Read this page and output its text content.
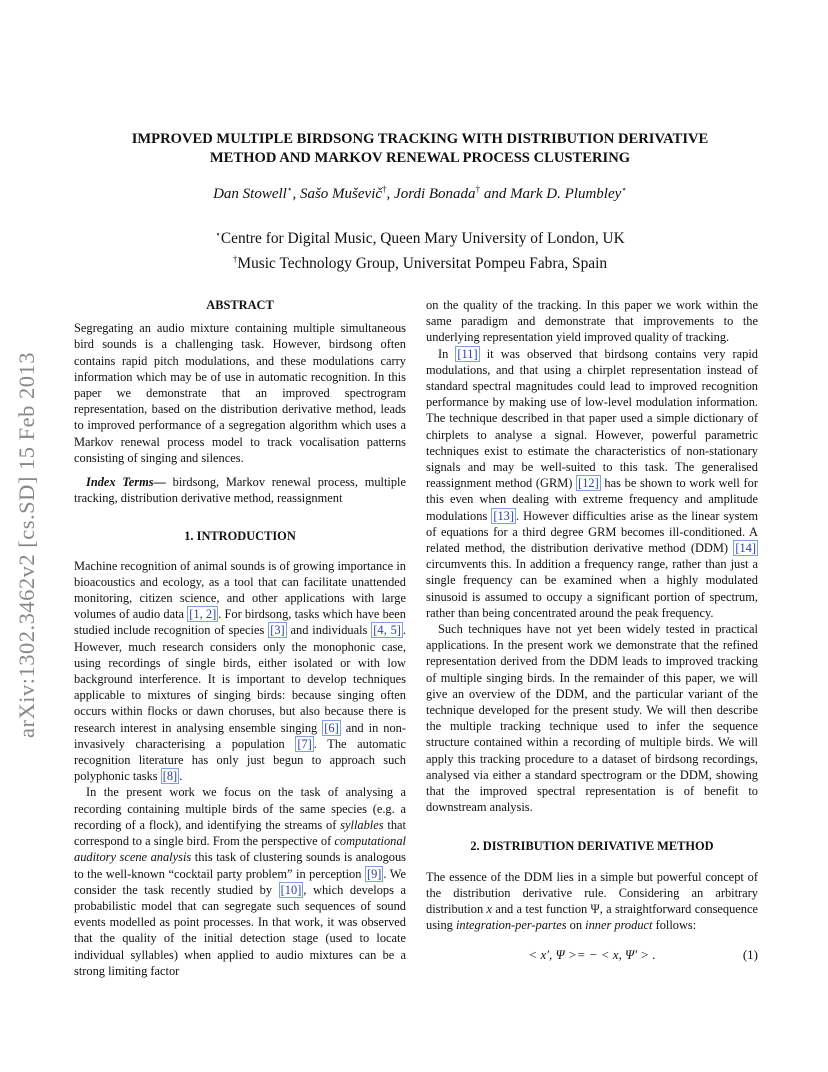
arXiv:1302.3462v2 [cs.SD] 15 Feb 2013
IMPROVED MULTIPLE BIRDSONG TRACKING WITH DISTRIBUTION DERIVATIVE
METHOD AND MARKOV RENEWAL PROCESS CLUSTERING
Dan Stowell⋆, Sašo Muševič†, Jordi Bonada† and Mark D. Plumbley⋆
⋆Centre for Digital Music, Queen Mary University of London, UK
†Music Technology Group, Universitat Pompeu Fabra, Spain
ABSTRACT

Segregating an audio mixture containing multiple simultaneous bird sounds is a challenging task. However, birdsong often contains rapid pitch modulations, and these modulations carry information which may be of use in automatic recognition. In this paper we demonstrate that an improved spectrogram representation, based on the distribution derivative method, leads to improved performance of a segregation algorithm which uses a Markov renewal process model to track vocalisation patterns consisting of singing and silences.

Index Terms— birdsong, Markov renewal process, multiple tracking, distribution derivative method, reassignment

1. INTRODUCTION

Machine recognition of animal sounds is of growing importance in bioacoustics and ecology, as a tool that can facilitate unattended monitoring, citizen science, and other applications with large volumes of audio data [1, 2] . For birdsong, tasks which have been studied include recognition of species [3] and individuals [4, 5] . However, much research considers only the monophonic case, using recordings of single birds, either isolated or with low background interference. It is important to develop techniques applicable to mixtures of singing birds: because singing often occurs within flocks or dawn choruses, but also because there is research interest in analysing ensemble singing [6] and in non-invasively characterising a population [7] . The automatic recognition literature has only just begun to approach such polyphonic tasks [8] .

In the present work we focus on the task of analysing a recording containing multiple birds of the same species (e.g. a recording of a flock), and identifying the streams of syllables that correspond to a single bird. From the perspective of computational auditory scene analysis this task of clustering sounds is analogous to the well-known “cocktail party problem” in perception [9] . We consider the task recently studied by [10] , which develops a probabilistic model that can segregate such sequences of sound events modelled as point processes. In that work, it was observed that the quality of the initial detection stage (used to locate individual syllables) when applied to audio mixtures can be a strong limiting factor

on the quality of the tracking. In this paper we work within the same paradigm and demonstrate that improvements to the underlying representation yield improved quality of tracking.

In [11] it was observed that birdsong contains very rapid modulations, and that using a chirplet representation instead of standard spectral magnitudes could lead to improved recognition performance by making use of low-level modulation information. The technique described in that paper used a simple dictionary of chirplets to analyse a signal. However, powerful parametric techniques exist to estimate the characteristics of non-stationary signals and may be well-suited to this task. The generalised reassignment method (GRM) [12] has be shown to work well for this even when dealing with extreme frequency and amplitude modulations [13] . However difficulties arise as the linear system of equations for a third degree GRM becomes ill-conditioned. A related method, the distribution derivative method (DDM) [14] circumvents this. In addition a frequency range, rather than just a single frequency can be examined when a highly modulated sinusoid is assumed to occupy a significant portion of spectrum, rather than being concentrated around the peak frequency.

Such techniques have not yet been widely tested in practical applications. In the present work we demonstrate that the refined representation derived from the DDM leads to improved tracking of multiple singing birds. In the remainder of this paper, we will give an overview of the DDM, and the particular variant of the technique developed for the present study. We will then describe the multiple tracking technique used to infer the sequence structure contained within a recording of multiple birds. We will apply this tracking procedure to a dataset of birdsong recordings, analysed via either a standard spectrogram or the DDM, showing that the improved spectral representation is of benefit to downstream analysis.

2. DISTRIBUTION DERIVATIVE METHOD

The essence of the DDM lies in a simple but powerful concept of the distribution derivative rule. Considering an arbitrary distribution x and a test function Ψ, a straightforward consequence using integration-per-partes on inner product follows:

< x′, Ψ >= − < x, Ψ′ > .	(1)
